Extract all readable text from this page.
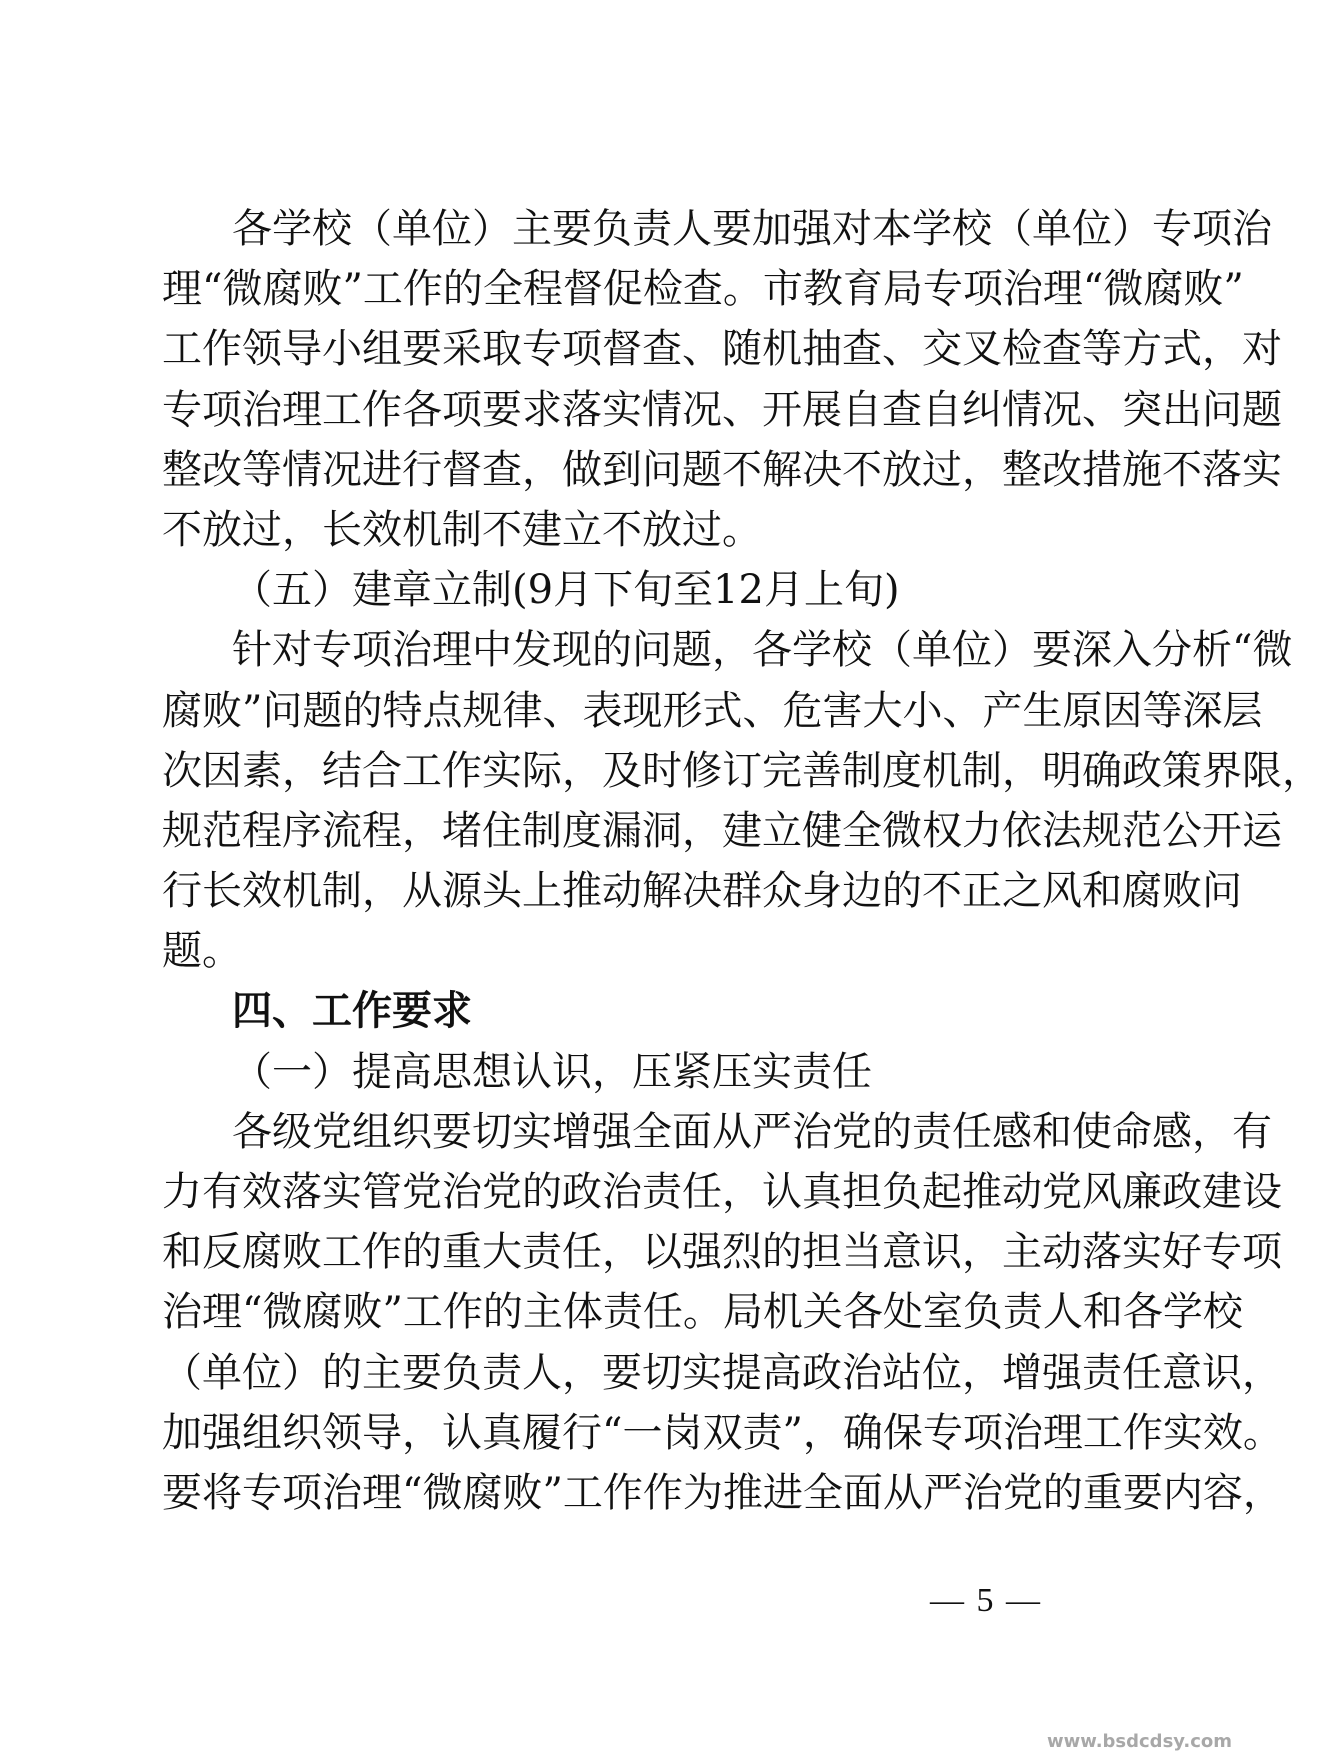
各学校（单位）主要负责人要加强对本学校（单位）专项治
理“微腐败”工作的全程督促检查。市教育局专项治理“微腐败”
工作领导小组要采取专项督查、随机抽查、交叉检查等方式，对
专项治理工作各项要求落实情况、开展自查自纠情况、突出问题
整改等情况进行督查，做到问题不解决不放过，整改措施不落实
不放过，长效机制不建立不放过。
（五）建章立制(9月下旬至12月上旬)
针对专项治理中发现的问题，各学校（单位）要深入分析“微
腐败”问题的特点规律、表现形式、危害大小、产生原因等深层
次因素，结合工作实际，及时修订完善制度机制，明确政策界限，
规范程序流程，堵住制度漏洞，建立健全微权力依法规范公开运
行长效机制，从源头上推动解决群众身边的不正之风和腐败问
题。
四、工作要求
（一）提高思想认识，压紧压实责任
各级党组织要切实增强全面从严治党的责任感和使命感，有
力有效落实管党治党的政治责任，认真担负起推动党风廉政建设
和反腐败工作的重大责任，以强烈的担当意识，主动落实好专项
治理“微腐败”工作的主体责任。局机关各处室负责人和各学校
（单位）的主要负责人，要切实提高政治站位，增强责任意识，
加强组织领导，认真履行“一岗双责”，确保专项治理工作实效。
要将专项治理“微腐败”工作作为推进全面从严治党的重要内容，
— 5 —
www.bsdcdsy.com
